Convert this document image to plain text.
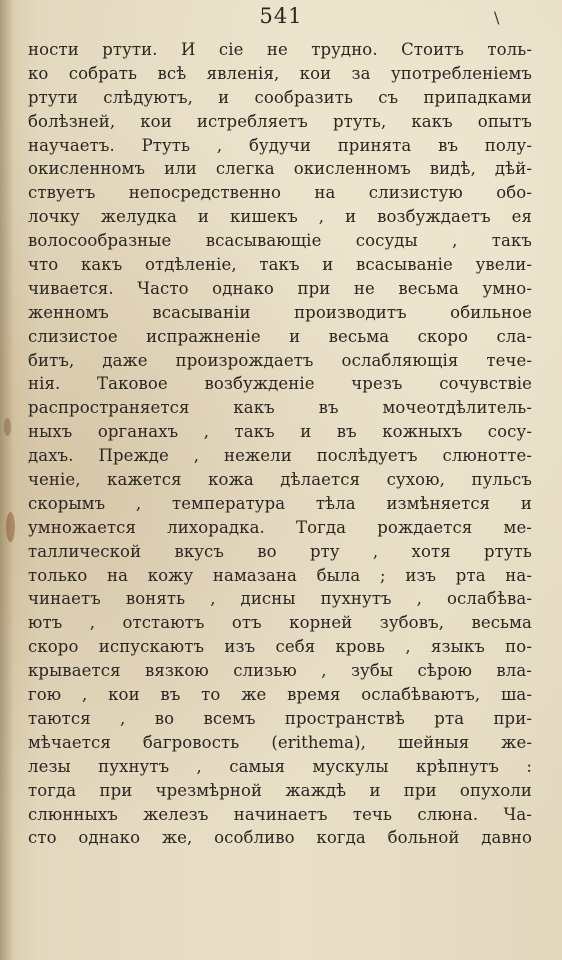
541	\
ности ртути. И сіе не трудно. Стоитъ толь-
ко собрать всѣ явленія, кои за употребленіемъ
ртути слѣдуютъ, и сообразить съ припадками
болѣзней, кои истребляетъ ртуть, какъ опытъ
научаетъ. Ртуть , будучи принята въ полу-
окисленномъ или слегка окисленномъ видѣ, дѣй-
ствуетъ непосредственно на слизистую обо-
лочку желудка и кишекъ , и возбуждаетъ ея
волосообразные всасывающіе сосуды , такъ
что какъ отдѣленіе, такъ и всасываніе увели-
чивается. Часто однако при не весьма умно-
женномъ всасываніи производитъ обильное
слизистое испражненіе и весьма скоро сла-
битъ, даже произрождаетъ ослабляющія тече-
нія. Таковое возбужденіе чрезъ сочувствіе
распространяется какъ въ мочеотдѣлитель-
ныхъ органахъ , такъ и въ кожныхъ сосу-
дахъ. Прежде , нежели послѣдуетъ слюнотте-
ченіе, кажется кожа дѣлается сухою, пульсъ
скорымъ , температура тѣла измѣняется и
умножается лихорадка. Тогда рождается ме-
таллической вкусъ во рту , хотя ртуть
только на кожу намазана была ; изъ рта на-
чинаетъ вонять , дисны пухнутъ , ослабѣва-
ютъ , отстаютъ отъ корней зубовъ, весьма
скоро испускаютъ изъ себя кровь , языкъ по-
крывается вязкою слизью , зубы сѣрою вла-
гою , кои въ то же время ослабѣваютъ, ша-
таются , во всемъ пространствѣ рта при-
мѣчается багровость (erithema), шейныя же-
лезы пухнутъ , самыя мускулы крѣпнутъ :
тогда при чрезмѣрной жаждѣ и при опухоли
слюнныхъ железъ начинаетъ течь слюна. Ча-
сто однако же, особливо когда больной давно
